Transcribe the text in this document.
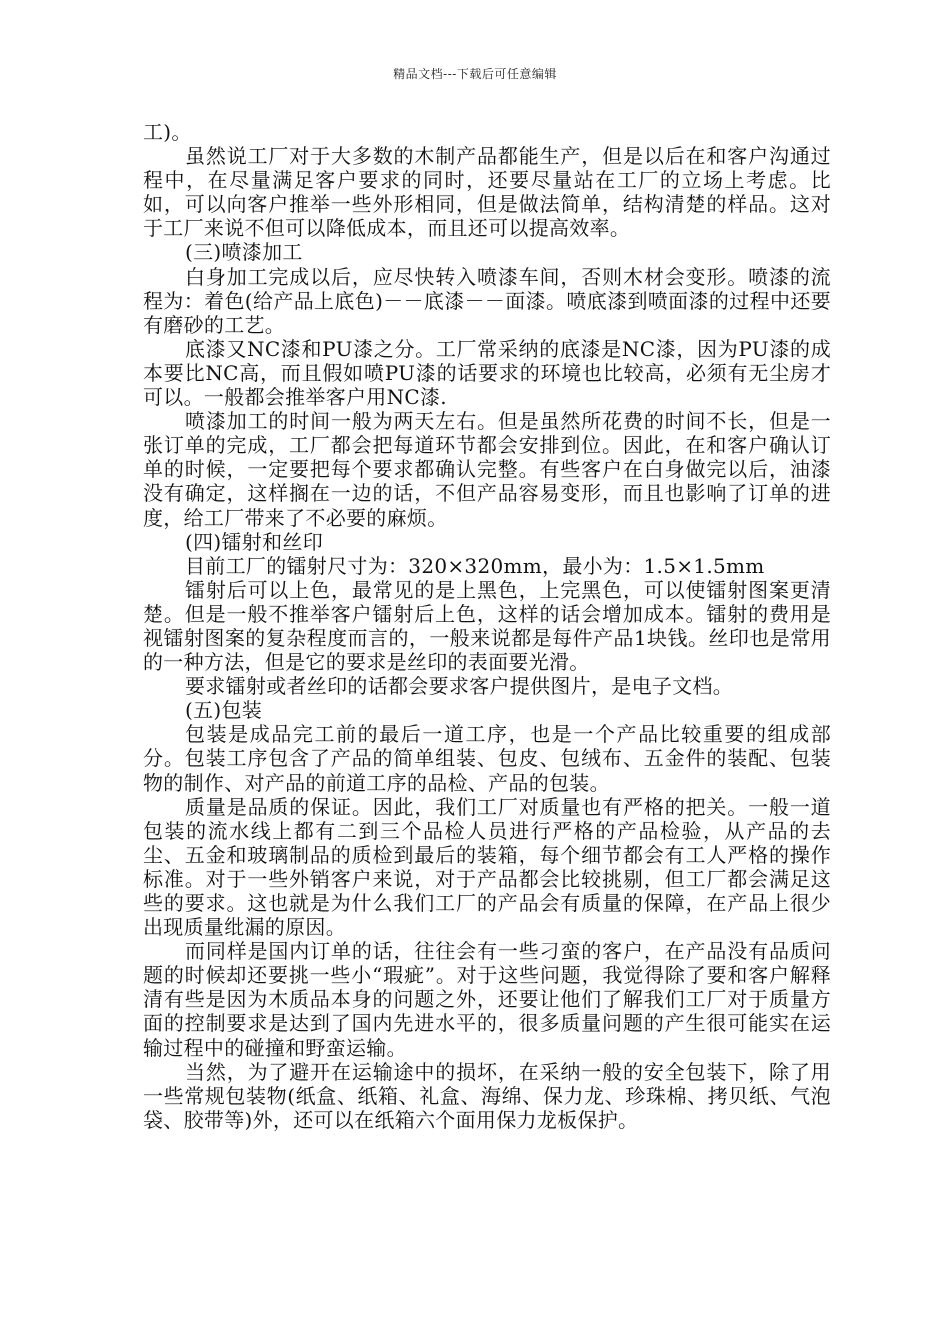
精品文档---下载后可任意编辑

工)。

虽然说工厂对于大多数的木制产品都能生产，但是以后在和客户沟通过程中，在尽量满足客户要求的同时，还要尽量站在工厂的立场上考虑。比如，可以向客户推举一些外形相同，但是做法简单，结构清楚的样品。这对于工厂来说不但可以降低成本，而且还可以提高效率。

(三)喷漆加工

白身加工完成以后，应尽快转入喷漆车间，否则木材会变形。喷漆的流程为：着色(给产品上底色)－－底漆－－面漆。喷底漆到喷面漆的过程中还要有磨砂的工艺。

底漆又NC漆和PU漆之分。工厂常采纳的底漆是NC漆，因为PU漆的成本要比NC高，而且假如喷PU漆的话要求的环境也比较高，必须有无尘房才可以。一般都会推举客户用NC漆.

喷漆加工的时间一般为两天左右。但是虽然所花费的时间不长，但是一张订单的完成，工厂都会把每道环节都会安排到位。因此，在和客户确认订单的时候，一定要把每个要求都确认完整。有些客户在白身做完以后，油漆没有确定，这样搁在一边的话，不但产品容易变形，而且也影响了订单的进度，给工厂带来了不必要的麻烦。

(四)镭射和丝印

目前工厂的镭射尺寸为：320×320mm，最小为：1.5×1.5mm

镭射后可以上色，最常见的是上黑色，上完黑色，可以使镭射图案更清楚。但是一般不推举客户镭射后上色，这样的话会增加成本。镭射的费用是视镭射图案的复杂程度而言的，一般来说都是每件产品1块钱。丝印也是常用的一种方法，但是它的要求是丝印的表面要光滑。

要求镭射或者丝印的话都会要求客户提供图片，是电子文档。

(五)包装

包装是成品完工前的最后一道工序，也是一个产品比较重要的组成部分。包装工序包含了产品的简单组装、包皮、包绒布、五金件的装配、包装物的制作、对产品的前道工序的品检、产品的包装。

质量是品质的保证。因此，我们工厂对质量也有严格的把关。一般一道包装的流水线上都有二到三个品检人员进行严格的产品检验，从产品的去尘、五金和玻璃制品的质检到最后的装箱，每个细节都会有工人严格的操作标准。对于一些外销客户来说，对于产品都会比较挑剔，但工厂都会满足这些的要求。这也就是为什么我们工厂的产品会有质量的保障，在产品上很少出现质量纰漏的原因。

而同样是国内订单的话，往往会有一些刁蛮的客户，在产品没有品质问题的时候却还要挑一些小“瑕疵”。对于这些问题，我觉得除了要和客户解释清有些是因为木质品本身的问题之外，还要让他们了解我们工厂对于质量方面的控制要求是达到了国内先进水平的，很多质量问题的产生很可能实在运输过程中的碰撞和野蛮运输。

当然，为了避开在运输途中的损坏，在采纳一般的安全包装下，除了用一些常规包装物(纸盒、纸箱、礼盒、海绵、保力龙、珍珠棉、拷贝纸、气泡袋、胶带等)外，还可以在纸箱六个面用保力龙板保护。
